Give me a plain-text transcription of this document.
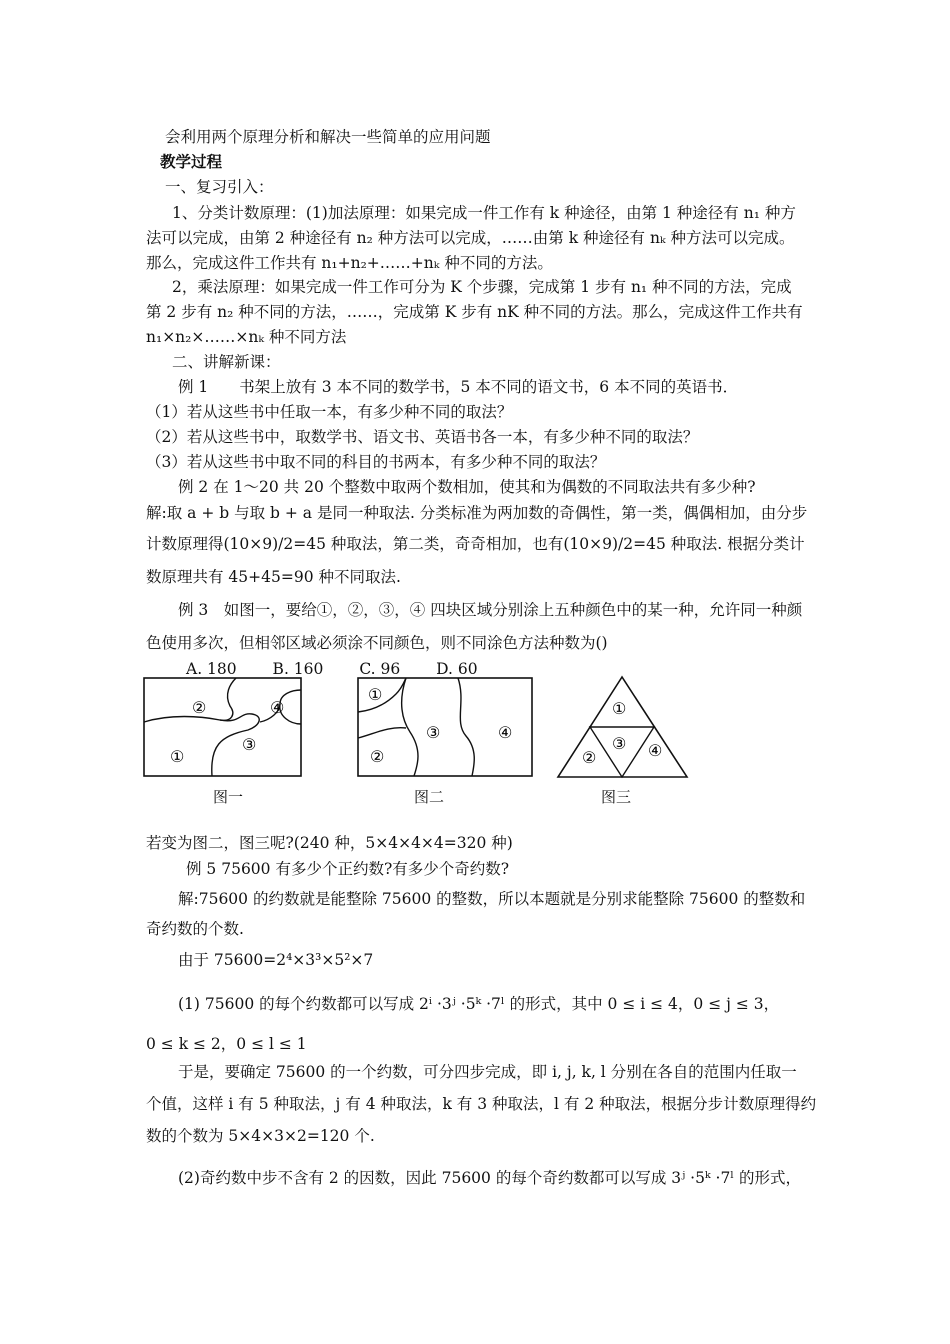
会利用两个原理分析和解决一些简单的应用问题
教学过程
一、复习引入：
1、分类计数原理：(1)加法原理：如果完成一件工作有 k 种途径，由第 1 种途径有 n₁ 种方
法可以完成，由第 2 种途径有 n₂ 种方法可以完成，……由第 k 种途径有 nₖ 种方法可以完成。
那么，完成这件工作共有 n₁+n₂+……+nₖ 种不同的方法。
2，乘法原理：如果完成一件工作可分为 K 个步骤，完成第 1 步有 n₁ 种不同的方法，完成
第 2 步有 n₂ 种不同的方法，……，完成第 K 步有 nK 种不同的方法。那么，完成这件工作共有
n₁×n₂×……×nₖ 种不同方法
二、讲解新课：
例 1　　书架上放有 3 本不同的数学书，5 本不同的语文书，6 本不同的英语书．
（1）若从这些书中任取一本，有多少种不同的取法？
（2）若从这些书中，取数学书、语文书、英语书各一本，有多少种不同的取法？
（3）若从这些书中取不同的科目的书两本，有多少种不同的取法？
例 2 在 1～20 共 20 个整数中取两个数相加，使其和为偶数的不同取法共有多少种?
解:取 a + b 与取 b + a 是同一种取法. 分类标准为两加数的奇偶性，第一类，偶偶相加，由分步
计数原理得(10×9)/2=45 种取法，第二类，奇奇相加，也有(10×9)/2=45 种取法. 根据分类计
数原理共有 45+45=90 种不同取法.
例 3　如图一，要给①，②，③，④ 四块区域分别涂上五种颜色中的某一种，允许同一种颜
色使用多次，但相邻区域必须涂不同颜色，则不同涂色方法种数为()
A. 180　　 B. 160　　 C. 96　　 D. 60
②	④
③
①
图一
①
②
③	④
图二
①
③
②	④
图三
若变为图二，图三呢?(240 种，5×4×4×4=320 种)
例 5 75600 有多少个正约数?有多少个奇约数?
解:75600 的约数就是能整除 75600 的整数，所以本题就是分别求能整除 75600 的整数和
奇约数的个数.
由于 75600=2⁴×3³×5²×7
(1) 75600 的每个约数都可以写成 2ⁱ ·3ʲ ·5ᵏ ·7ˡ 的形式，其中 0 ≤ i ≤ 4，0 ≤ j ≤ 3，
0 ≤ k ≤ 2，0 ≤ l ≤ 1
于是，要确定 75600 的一个约数，可分四步完成，即 i, j, k, l 分别在各自的范围内任取一
个值，这样 i 有 5 种取法，j 有 4 种取法，k 有 3 种取法，l 有 2 种取法，根据分步计数原理得约
数的个数为 5×4×3×2=120 个.
(2)奇约数中步不含有 2 的因数，因此 75600 的每个奇约数都可以写成 3ʲ ·5ᵏ ·7ˡ 的形式，
